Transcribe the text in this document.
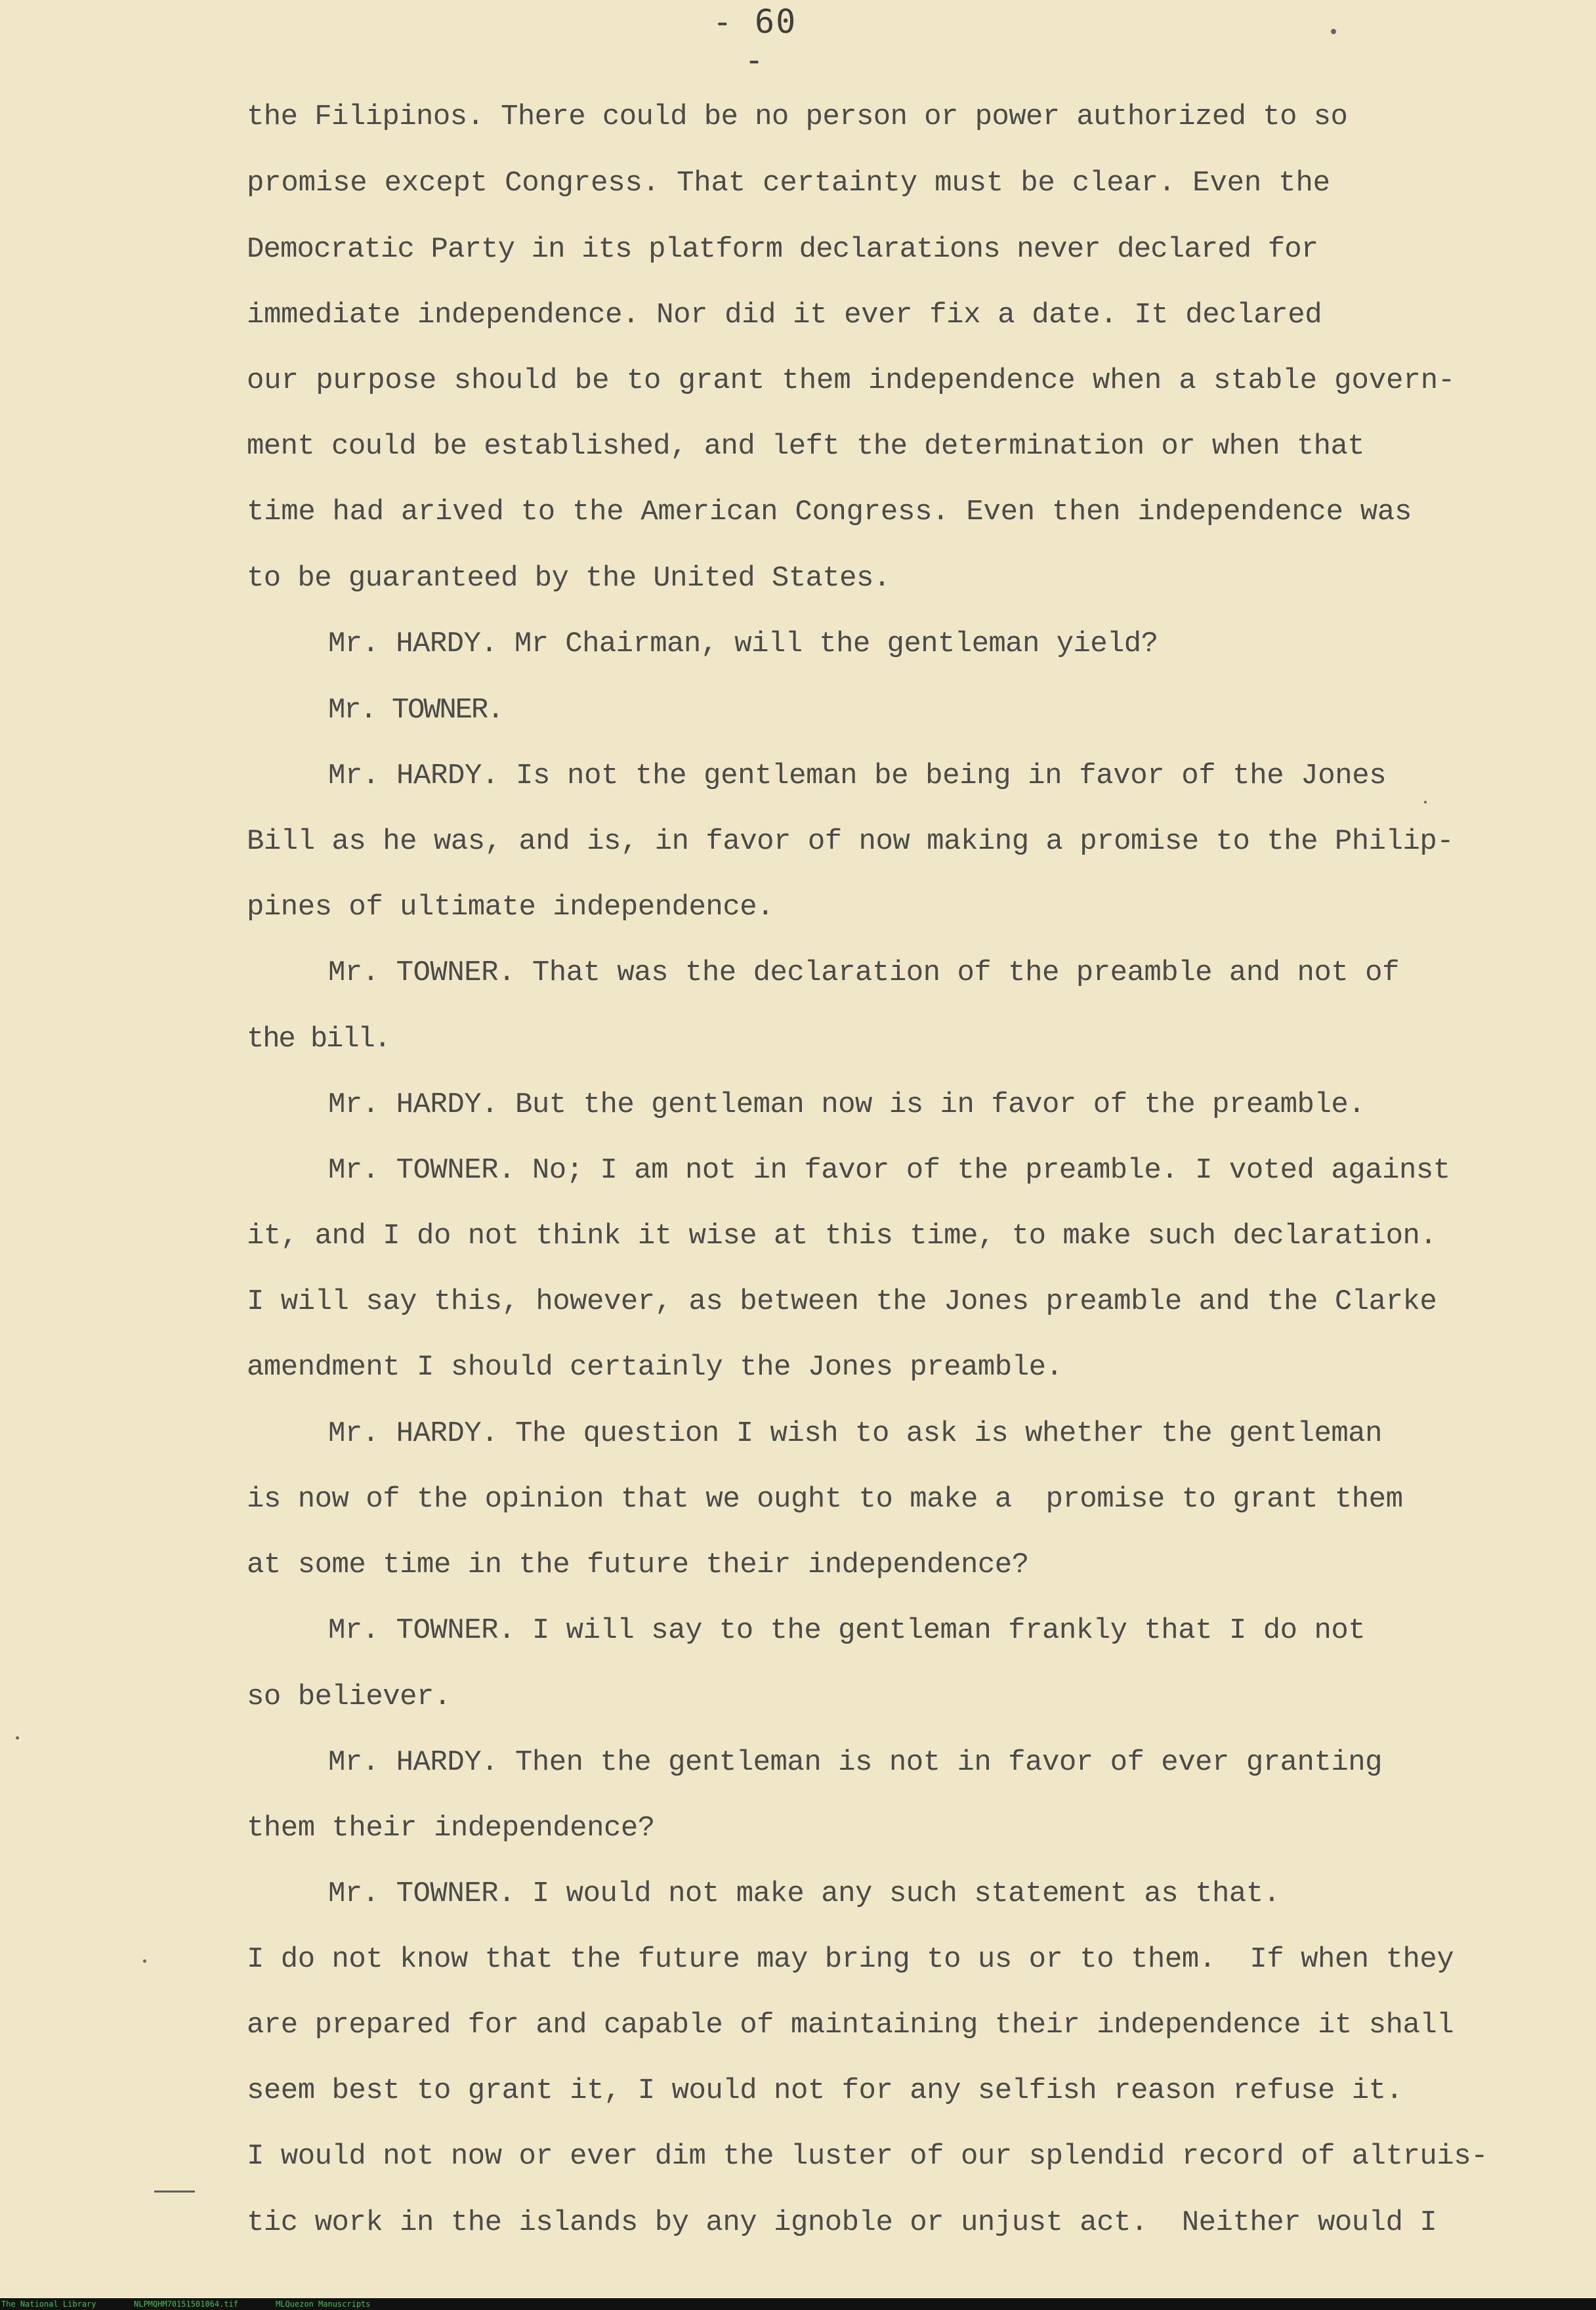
- 60 -
the Filipinos. There could be no person or power authorized to so
promise except Congress. That certainty must be clear. Even the
Democratic Party in its platform declarations never declared for
immediate independence. Nor did it ever fix a date. It declared
our purpose should be to grant them independence when a stable govern-
ment could be established, and left the determination or when that
time had arived to the American Congress. Even then independence was
to be guaranteed by the United States.
Mr. HARDY. Mr Chairman, will the gentleman yield?
Mr. TOWNER.
Mr. HARDY. Is not the gentleman be being in favor of the Jones
Bill as he was, and is, in favor of now making a promise to the Philip-
pines of ultimate independence.
Mr. TOWNER. That was the declaration of the preamble and not of
the bill.
Mr. HARDY. But the gentleman now is in favor of the preamble.
Mr. TOWNER. No; I am not in favor of the preamble. I voted against
it, and I do not think it wise at this time, to make such declaration.
I will say this, however, as between the Jones preamble and the Clarke
amendment I should certainly the Jones preamble.
Mr. HARDY. The question I wish to ask is whether the gentleman
is now of the opinion that we ought to make a  promise to grant them
at some time in the future their independence?
Mr. TOWNER. I will say to the gentleman frankly that I do not
so believer.
Mr. HARDY. Then the gentleman is not in favor of ever granting
them their independence?
Mr. TOWNER. I would not make any such statement as that.
I do not know that the future may bring to us or to them.  If when they
are prepared for and capable of maintaining their independence it shall
seem best to grant it, I would not for any selfish reason refuse it.
I would not now or ever dim the luster of our splendid record of altruis-
tic work in the islands by any ignoble or unjust act.  Neither would I
The National Library	NLPMQHM70151501064.tif	MLQuezon Manuscripts
